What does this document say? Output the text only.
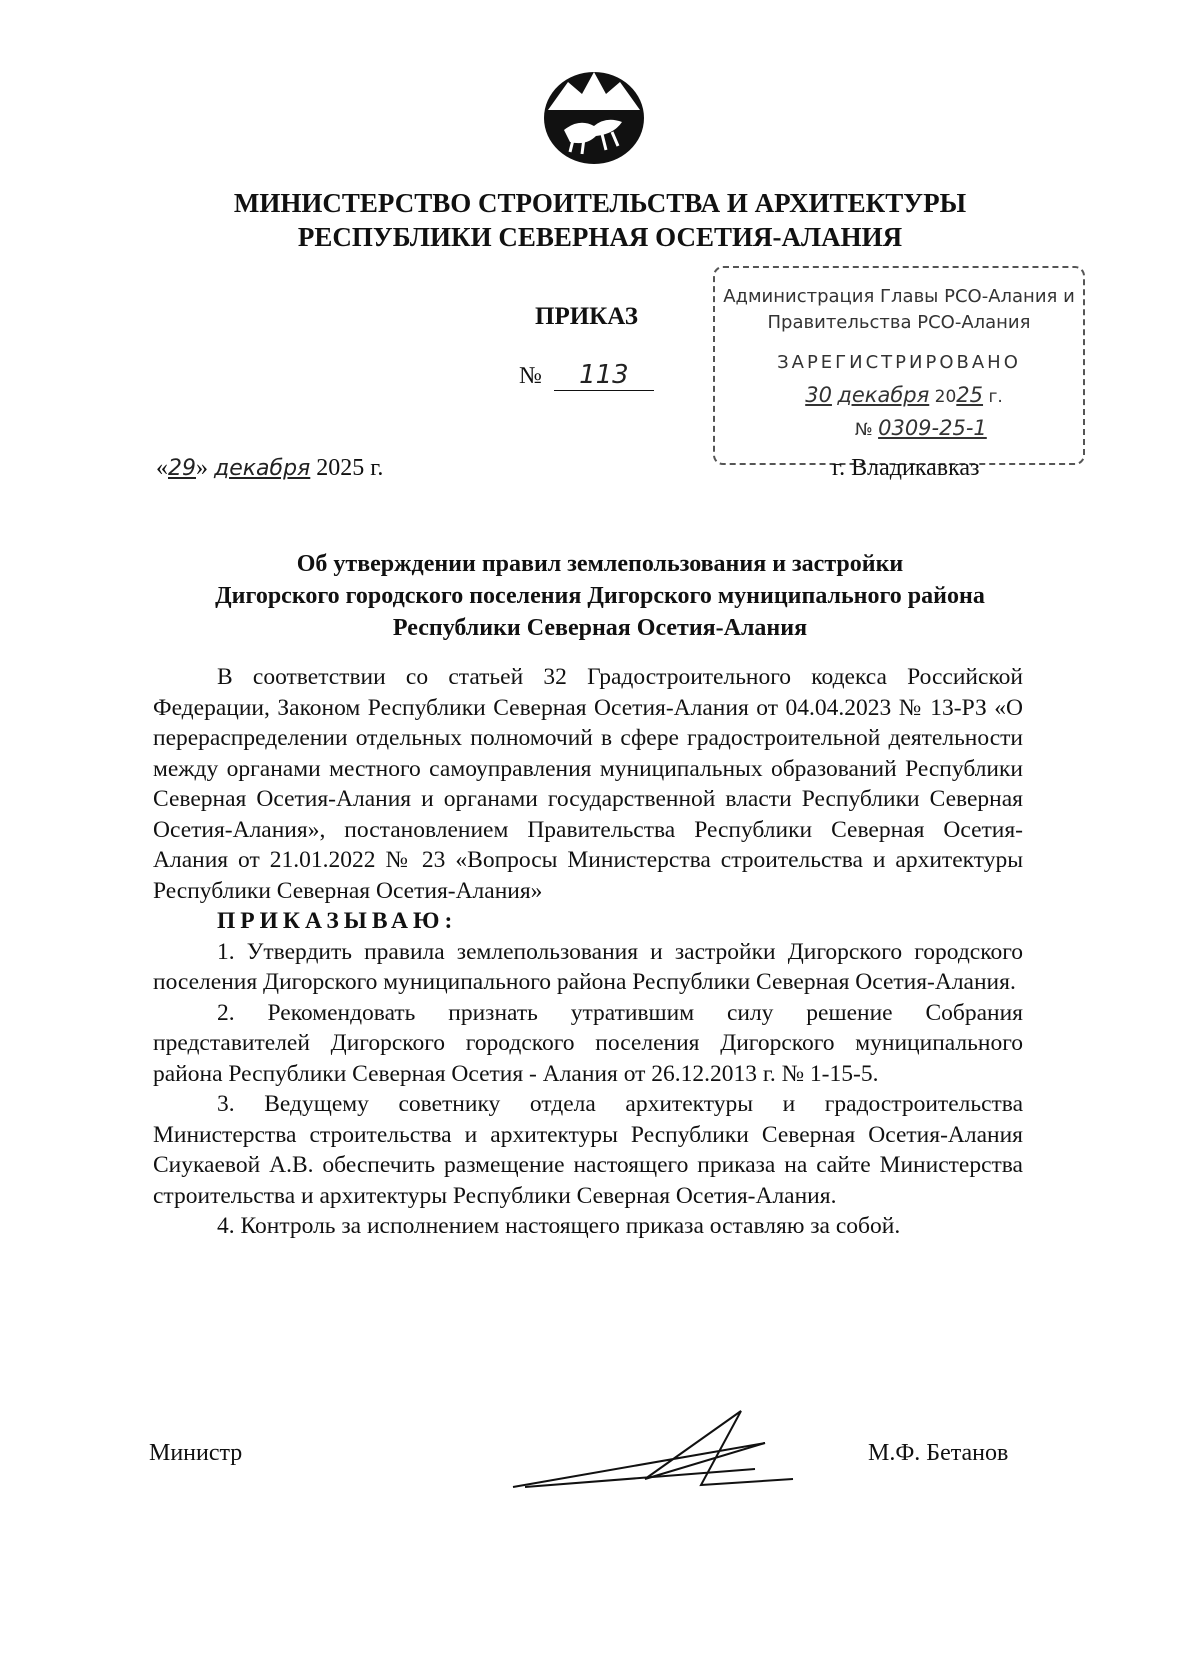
МИНИСТЕРСТВО СТРОИТЕЛЬСТВА И АРХИТЕКТУРЫ
РЕСПУБЛИКИ СЕВЕРНАЯ ОСЕТИЯ-АЛАНИЯ
ПРИКАЗ
№ 113
Администрация Главы РСО-Алания и
Правительства РСО-Алания
ЗАРЕГИСТРИРОВАНО
30 декабря 2025 г.
№ 0309-25-1
«29» декабря 2025 г.	г. Владикавказ
Об утверждении правил землепользования и застройки
Дигорского городского поселения Дигорского муниципального района
Республики Северная Осетия-Алания

В соответствии со статьей 32 Градостроительного кодекса Российской Федерации, Законом Республики Северная Осетия-Алания от 04.04.2023 № 13-РЗ «О перераспределении отдельных полномочий в сфере градостроительной деятельности между органами местного самоуправления муниципальных образований Республики Северная Осетия-Алания и органами государственной власти Республики Северная Осетия-Алания», постановлением Правительства Республики Северная Осетия-Алания от 21.01.2022 № 23 «Вопросы Министерства строительства и архитектуры Республики Северная Осетия-Алания»

ПРИКАЗЫВАЮ:

1. Утвердить правила землепользования и застройки Дигорского городского поселения Дигорского муниципального района Республики Северная Осетия-Алания.

2. Рекомендовать признать утратившим силу решение Собрания представителей Дигорского городского поселения Дигорского муниципального района Республики Северная Осетия - Алания от 26.12.2013 г. № 1-15-5.

3. Ведущему советнику отдела архитектуры и градостроительства Министерства строительства и архитектуры Республики Северная Осетия-Алания Сиукаевой А.В. обеспечить размещение настоящего приказа на сайте Министерства строительства и архитектуры Республики Северная Осетия-Алания.

4. Контроль за исполнением настоящего приказа оставляю за собой.

Министр	М.Ф. Бетанов
